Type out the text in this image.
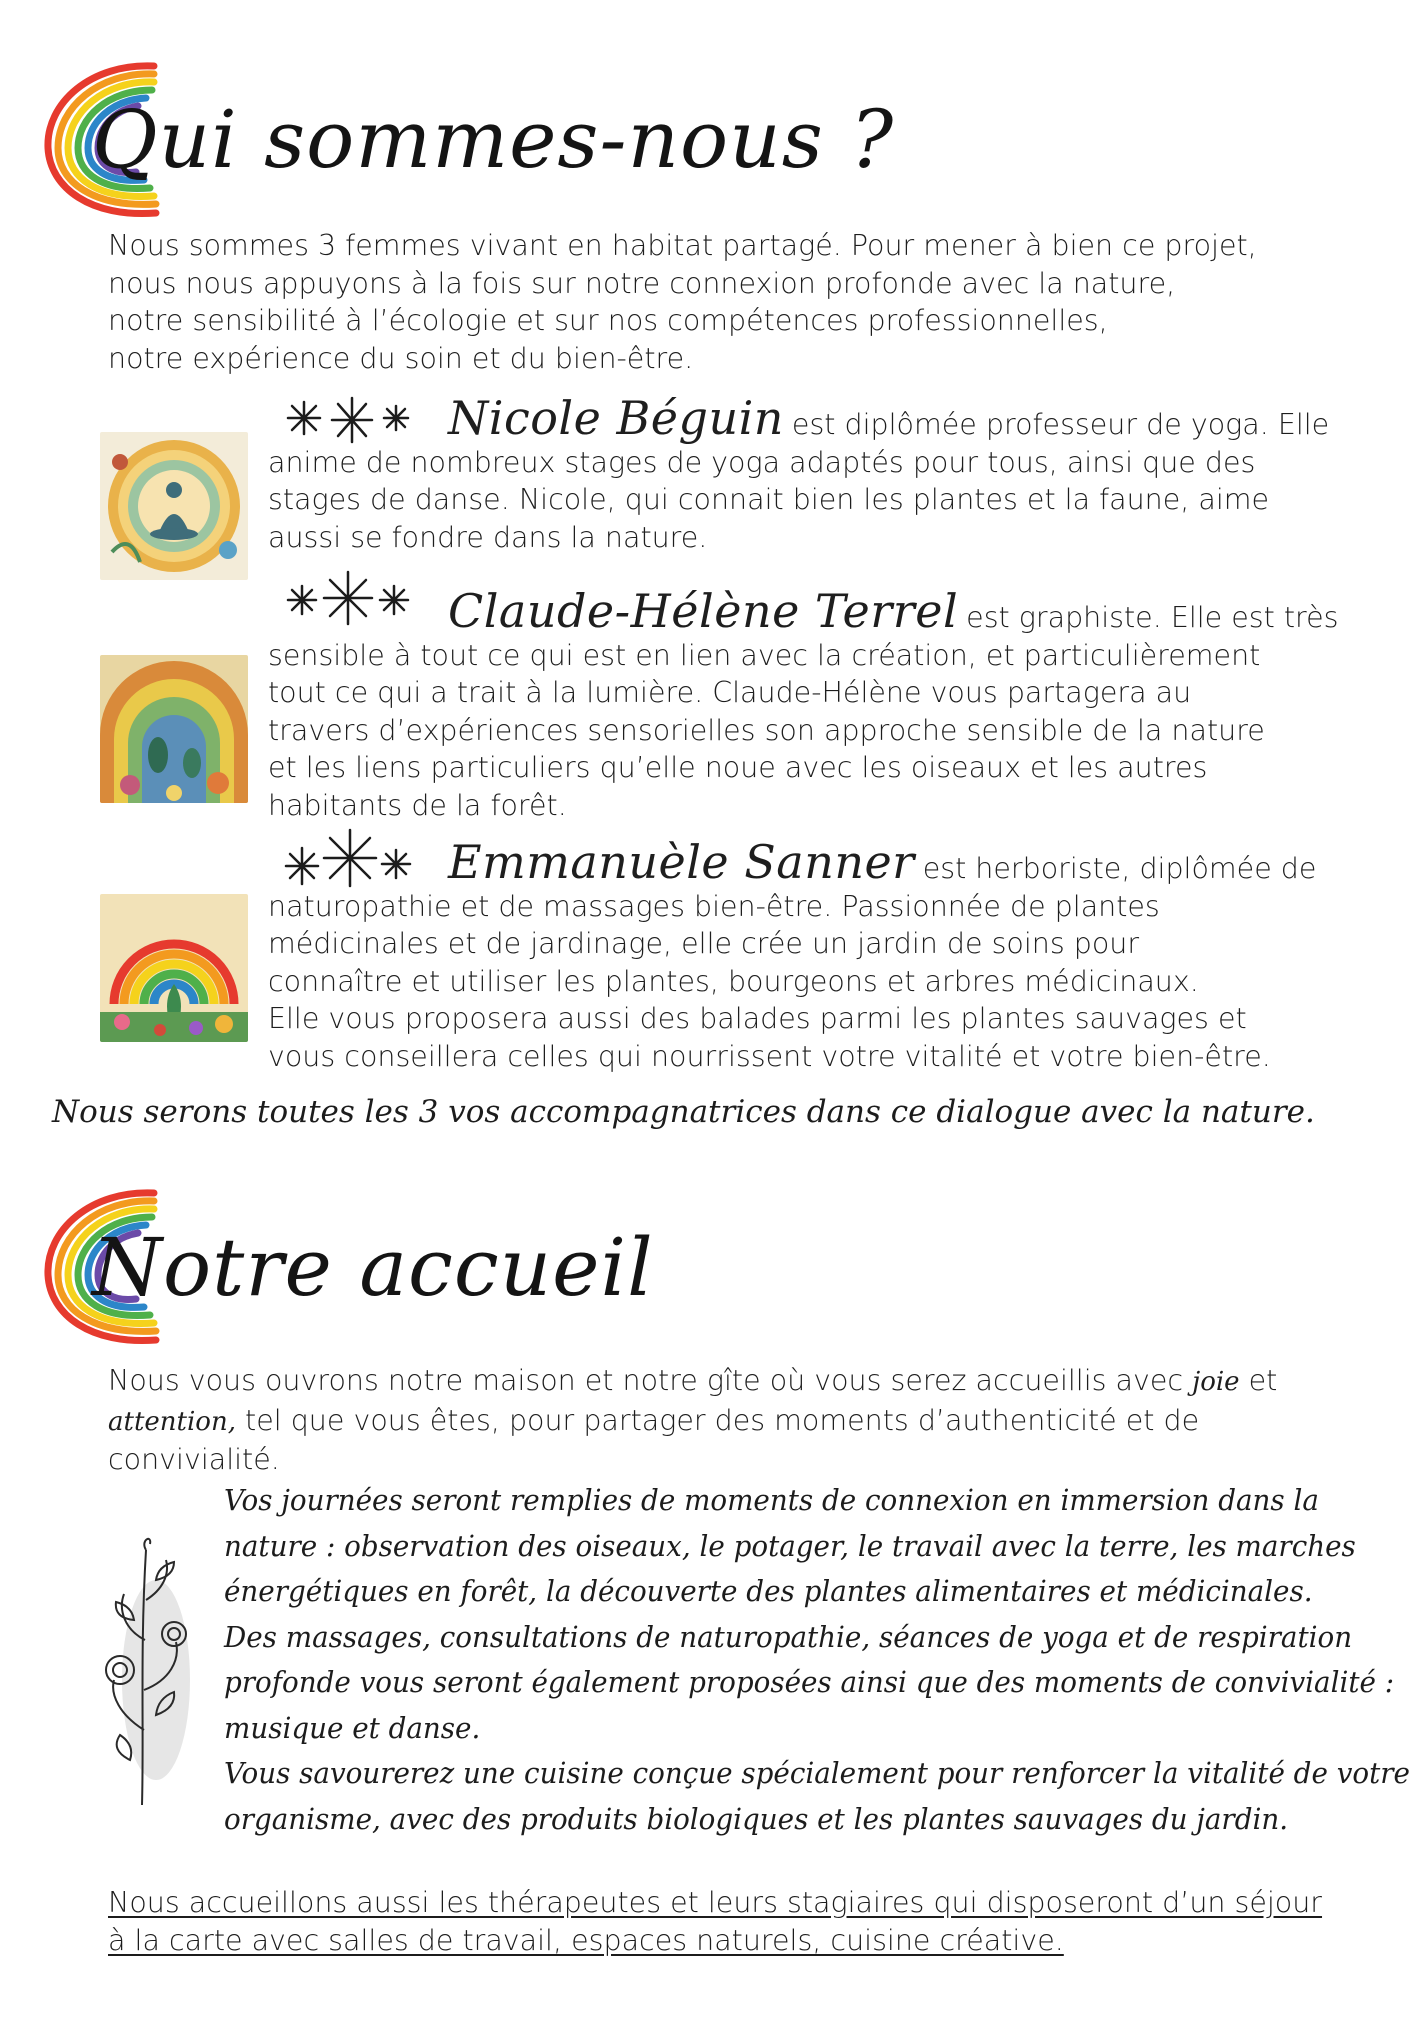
Qui sommes-nous ?

Nous sommes 3 femmes vivant en habitat partagé. Pour mener à bien ce projet,
nous nous appuyons à la fois sur notre connexion profonde avec la nature,
notre sensibilité à l’écologie et sur nos compétences professionnelles,
notre expérience du soin et du bien-être.

Nicole Béguin est diplômée professeur de yoga. Elle
anime de nombreux stages de yoga adaptés pour tous, ainsi que des
stages de danse. Nicole, qui connait bien les plantes et la faune, aime
aussi se fondre dans la nature.

Claude-Hélène Terrel est graphiste. Elle est très
sensible à tout ce qui est en lien avec la création, et particulièrement
tout ce qui a trait à la lumière. Claude-Hélène vous partagera au
travers d’expériences sensorielles son approche sensible de la nature
et les liens particuliers qu’elle noue avec les oiseaux et les autres
habitants de la forêt.

Emmanuèle Sanner est herboriste, diplômée de
naturopathie et de massages bien-être. Passionnée de plantes
médicinales et de jardinage, elle crée un jardin de soins pour
connaître et utiliser les plantes, bourgeons et arbres médicinaux.
Elle vous proposera aussi des balades parmi les plantes sauvages et
vous conseillera celles qui nourrissent votre vitalité et votre bien-être.

Nous serons toutes les 3 vos accompagnatrices dans ce dialogue avec la nature.

Notre accueil

Nous vous ouvrons notre maison et notre gîte où vous serez accueillis avec joie et
attention, tel que vous êtes, pour partager des moments d’authenticité et de
convivialité.

Vos journées seront remplies de moments de connexion en immersion dans la
nature : observation des oiseaux, le potager, le travail avec la terre, les marches
énergétiques en forêt, la découverte des plantes alimentaires et médicinales.
Des massages, consultations de naturopathie, séances de yoga et de respiration
profonde vous seront également proposées ainsi que des moments de convivialité :
musique et danse.
Vous savourerez une cuisine conçue spécialement pour renforcer la vitalité de votre
organisme, avec des produits biologiques et les plantes sauvages du jardin.

Nous accueillons aussi les thérapeutes et leurs stagiaires qui disposeront d’un séjour
à la carte avec salles de travail, espaces naturels, cuisine créative.
